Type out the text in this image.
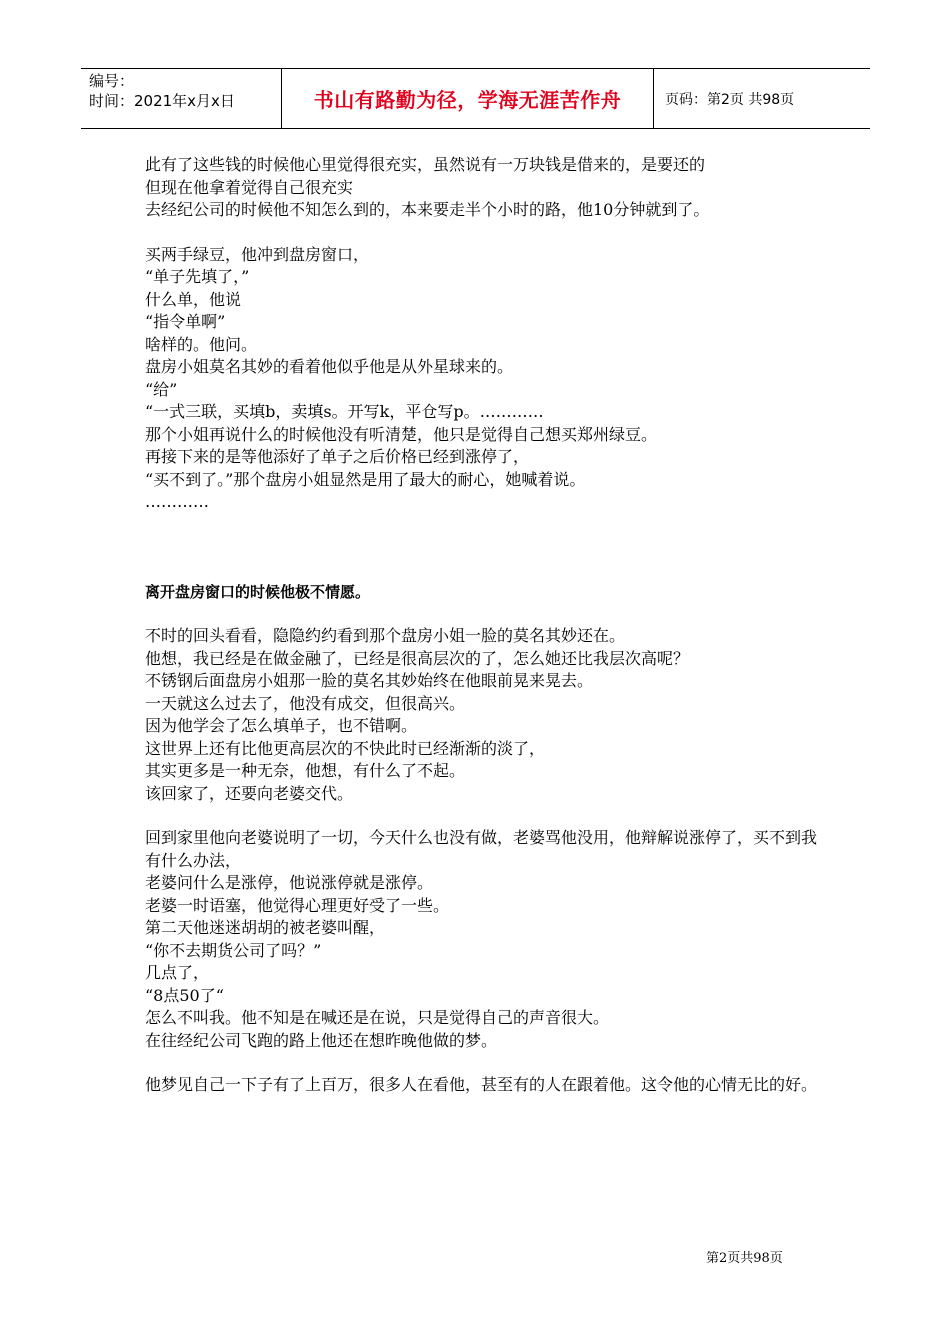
编号：
时间：2021年x月x日	书山有路勤为径，学海无涯苦作舟	页码：第2页 共98页

此有了这些钱的时候他心里觉得很充实，虽然说有一万块钱是借来的，是要还的

但现在他拿着觉得自己很充实

去经纪公司的时候他不知怎么到的，本来要走半个小时的路，他10分钟就到了。

买两手绿豆，他冲到盘房窗口，

“单子先填了，”

什么单，他说

“指令单啊”

啥样的。他问。

盘房小姐莫名其妙的看着他似乎他是从外星球来的。

“给”

“一式三联，买填b，卖填s。开写k，平仓写p。…………

那个小姐再说什么的时候他没有听清楚，他只是觉得自己想买郑州绿豆。

再接下来的是等他添好了单子之后价格已经到涨停了，

“买不到了。”那个盘房小姐显然是用了最大的耐心，她喊着说。

…………

离开盘房窗口的时候他极不情愿。

不时的回头看看，隐隐约约看到那个盘房小姐一脸的莫名其妙还在。

他想，我已经是在做金融了，已经是很高层次的了，怎么她还比我层次高呢？

不锈钢后面盘房小姐那一脸的莫名其妙始终在他眼前晃来晃去。

一天就这么过去了，他没有成交，但很高兴。

因为他学会了怎么填单子，也不错啊。

这世界上还有比他更高层次的不快此时已经渐渐的淡了，

其实更多是一种无奈，他想，有什么了不起。

该回家了，还要向老婆交代。

回到家里他向老婆说明了一切，今天什么也没有做，老婆骂他没用，他辩解说涨停了，买不到我有什么办法，

老婆问什么是涨停，他说涨停就是涨停。

老婆一时语塞，他觉得心理更好受了一些。

第二天他迷迷胡胡的被老婆叫醒，

“你不去期货公司了吗？”

几点了，

“8点50了“

怎么不叫我。他不知是在喊还是在说，只是觉得自己的声音很大。

在往经纪公司飞跑的路上他还在想昨晚他做的梦。

他梦见自己一下子有了上百万，很多人在看他，甚至有的人在跟着他。这令他的心情无比的好。

第2页共98页
